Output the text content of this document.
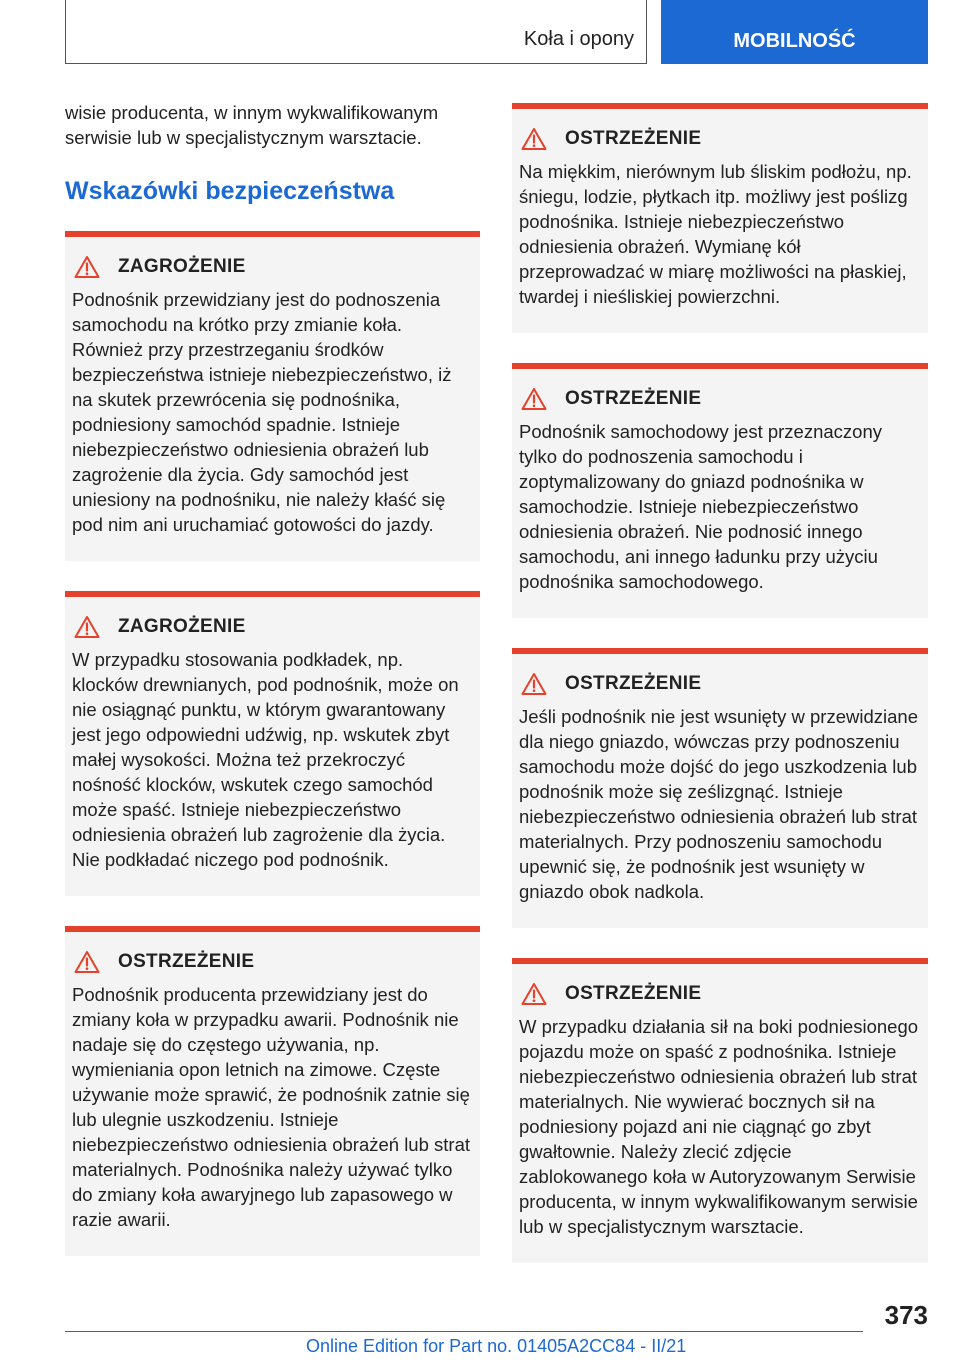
Koła i opony	MOBILNOŚĆ

wisie producenta, w innym wykwalifikowanym serwisie lub w specjalistycznym warsztacie.

Wskazówki bezpieczeństwa
ZAGROŻENIE

Podnośnik przewidziany jest do podnoszenia samochodu na krótko przy zmianie koła. Również przy przestrzeganiu środków bezpieczeństwa istnieje niebezpieczeństwo, iż na skutek przewrócenia się podnośnika, podniesiony samochód spadnie. Istnieje niebezpieczeństwo odniesienia obrażeń lub zagrożenie dla życia. Gdy samochód jest uniesiony na podnośniku, nie należy kłaść się pod nim ani uruchamiać gotowości do jazdy.

ZAGROŻENIE

W przypadku stosowania podkładek, np. klocków drewnianych, pod podnośnik, może on nie osiągnąć punktu, w którym gwarantowany jest jego odpowiedni udźwig, np. wskutek zbyt małej wysokości. Można też przekroczyć nośność klocków, wskutek czego samochód może spaść. Istnieje niebezpieczeństwo odniesienia obrażeń lub zagrożenie dla życia. Nie podkładać niczego pod podnośnik.

OSTRZEŻENIE

Podnośnik producenta przewidziany jest do zmiany koła w przypadku awarii. Podnośnik nie nadaje się do częstego używania, np. wymieniania opon letnich na zimowe. Częste używanie może sprawić, że podnośnik zatnie się lub ulegnie uszkodzeniu. Istnieje niebezpieczeństwo odniesienia obrażeń lub strat materialnych. Podnośnika należy używać tylko do zmiany koła awaryjnego lub zapasowego w razie awarii.

OSTRZEŻENIE

Na miękkim, nierównym lub śliskim podłożu, np. śniegu, lodzie, płytkach itp. możliwy jest poślizg podnośnika. Istnieje niebezpieczeństwo odniesienia obrażeń. Wymianę kół przeprowadzać w miarę możliwości na płaskiej, twardej i nieśliskiej powierzchni.

OSTRZEŻENIE

Podnośnik samochodowy jest przeznaczony tylko do podnoszenia samochodu i zoptymalizowany do gniazd podnośnika w samochodzie. Istnieje niebezpieczeństwo odniesienia obrażeń. Nie podnosić innego samochodu, ani innego ładunku przy użyciu podnośnika samochodowego.

OSTRZEŻENIE

Jeśli podnośnik nie jest wsunięty w przewidziane dla niego gniazdo, wówczas przy podnoszeniu samochodu może dojść do jego uszkodzenia lub podnośnik może się ześlizgnąć. Istnieje niebezpieczeństwo odniesienia obrażeń lub strat materialnych. Przy podnoszeniu samochodu upewnić się, że podnośnik jest wsunięty w gniazdo obok nadkola.

OSTRZEŻENIE

W przypadku działania sił na boki podniesionego pojazdu może on spaść z podnośnika. Istnieje niebezpieczeństwo odniesienia obrażeń lub strat materialnych. Nie wywierać bocznych sił na podniesiony pojazd ani nie ciągnąć go zbyt gwałtownie. Należy zlecić zdjęcie zablokowanego koła w Autoryzowanym Serwisie producenta, w innym wykwalifikowanym serwisie lub w specjalistycznym warsztacie.

373
Online Edition for Part no. 01405A2CC84 - II/21
